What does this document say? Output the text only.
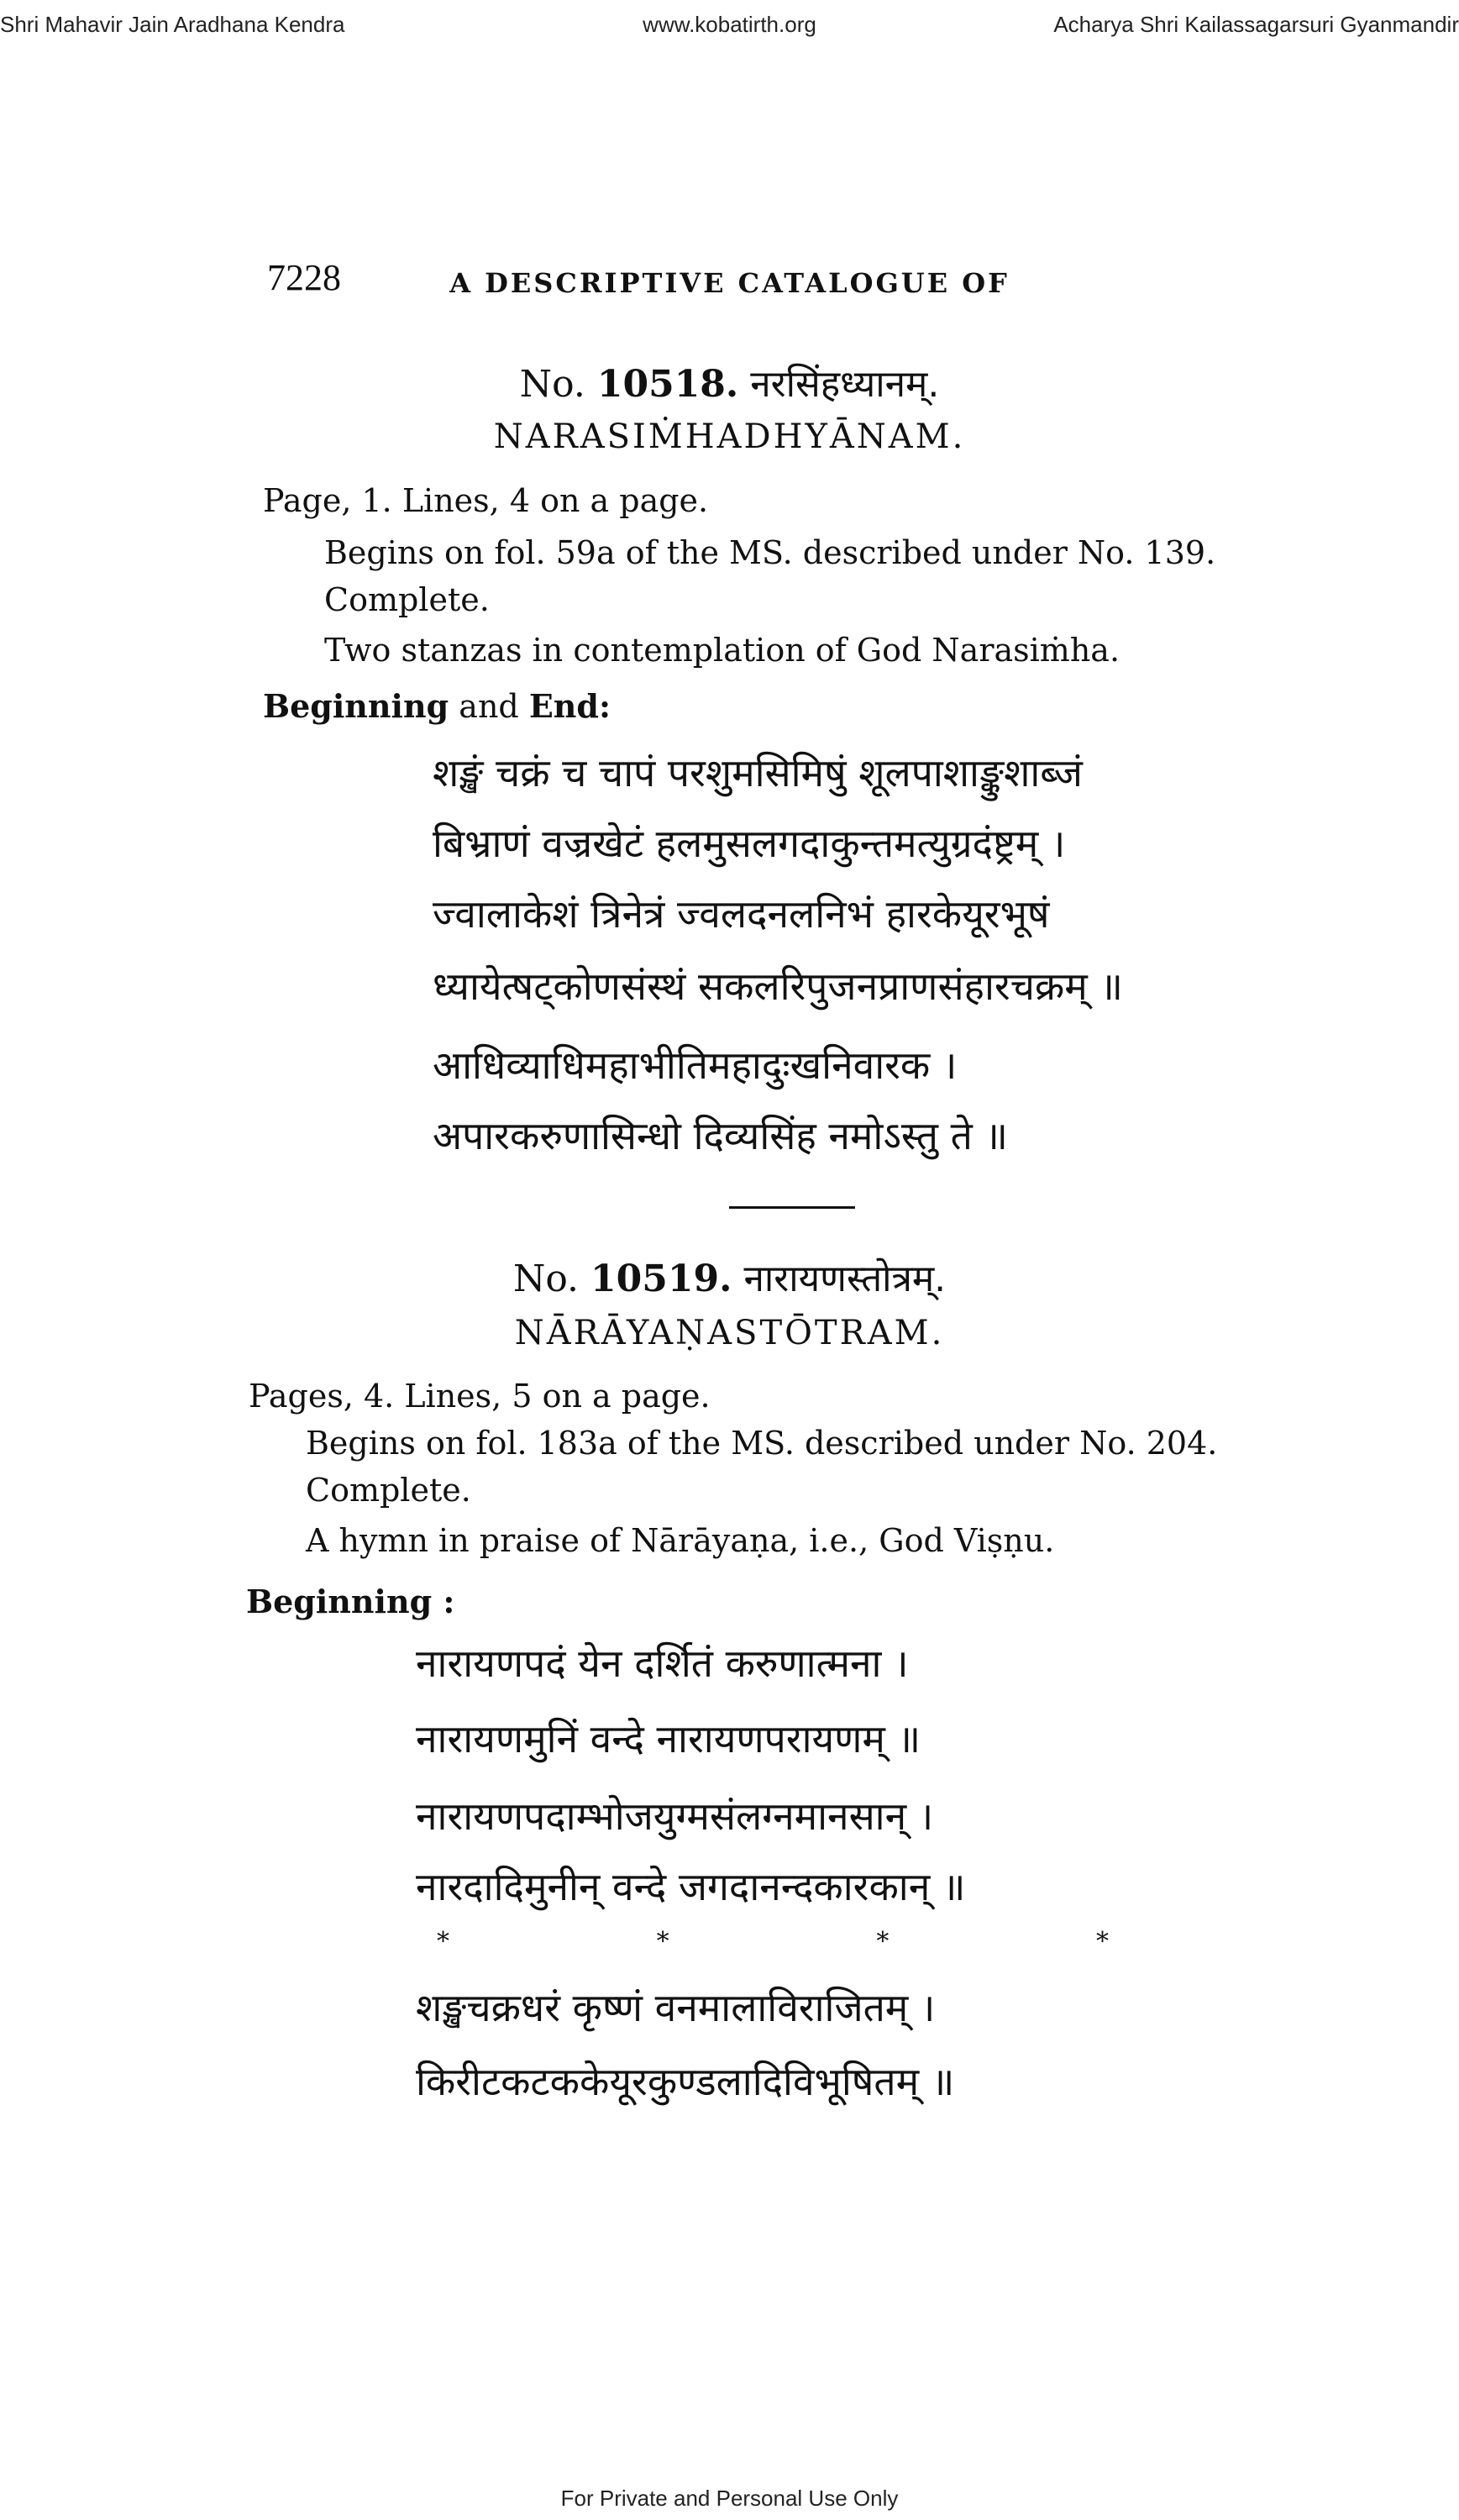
Shri Mahavir Jain Aradhana Kendra	www.kobatirth.org	Acharya Shri Kailassagarsuri Gyanmandir
7228	A DESCRIPTIVE CATALOGUE OF
No. 10518. नरसिंहध्यानम्.
NARASIṀHADHYĀNAM.
Page, 1. Lines, 4 on a page.
Begins on fol. 59a of the MS. described under No. 139.
Complete.
Two stanzas in contemplation of God Narasiṁha.
Beginning and End:
शङ्खं चक्रं च चापं परशुमसिमिषुं शूलपाशाङ्कुशाब्जं
बिभ्राणं वज्रखेटं हलमुसलगदाकुन्तमत्युग्रदंष्ट्रम् ।
ज्वालाकेशं त्रिनेत्रं ज्वलदनलनिभं हारकेयूरभूषं
ध्यायेत्षट्कोणसंस्थं सकलरिपुजनप्राणसंहारचक्रम् ॥
आधिव्याधिमहाभीतिमहादुःखनिवारक ।
अपारकरुणासिन्धो दिव्यसिंह नमोऽस्तु ते ॥
No. 10519. नारायणस्तोत्रम्.
NĀRĀYAṆASTŌTRAM.
Pages, 4. Lines, 5 on a page.
Begins on fol. 183a of the MS. described under No. 204.
Complete.
A hymn in praise of Nārāyaṇa, i.e., God Viṣṇu.
Beginning :
नारायणपदं येन दर्शितं करुणात्मना ।
नारायणमुनिं वन्दे नारायणपरायणम् ॥
नारायणपदाम्भोजयुग्मसंलग्नमानसान् ।
नारदादिमुनीन् वन्दे जगदानन्दकारकान् ॥
*	*	*	*
शङ्खचक्रधरं कृष्णं वनमालाविराजितम् ।
किरीटकटककेयूरकुण्डलादिविभूषितम् ॥
For Private and Personal Use Only
